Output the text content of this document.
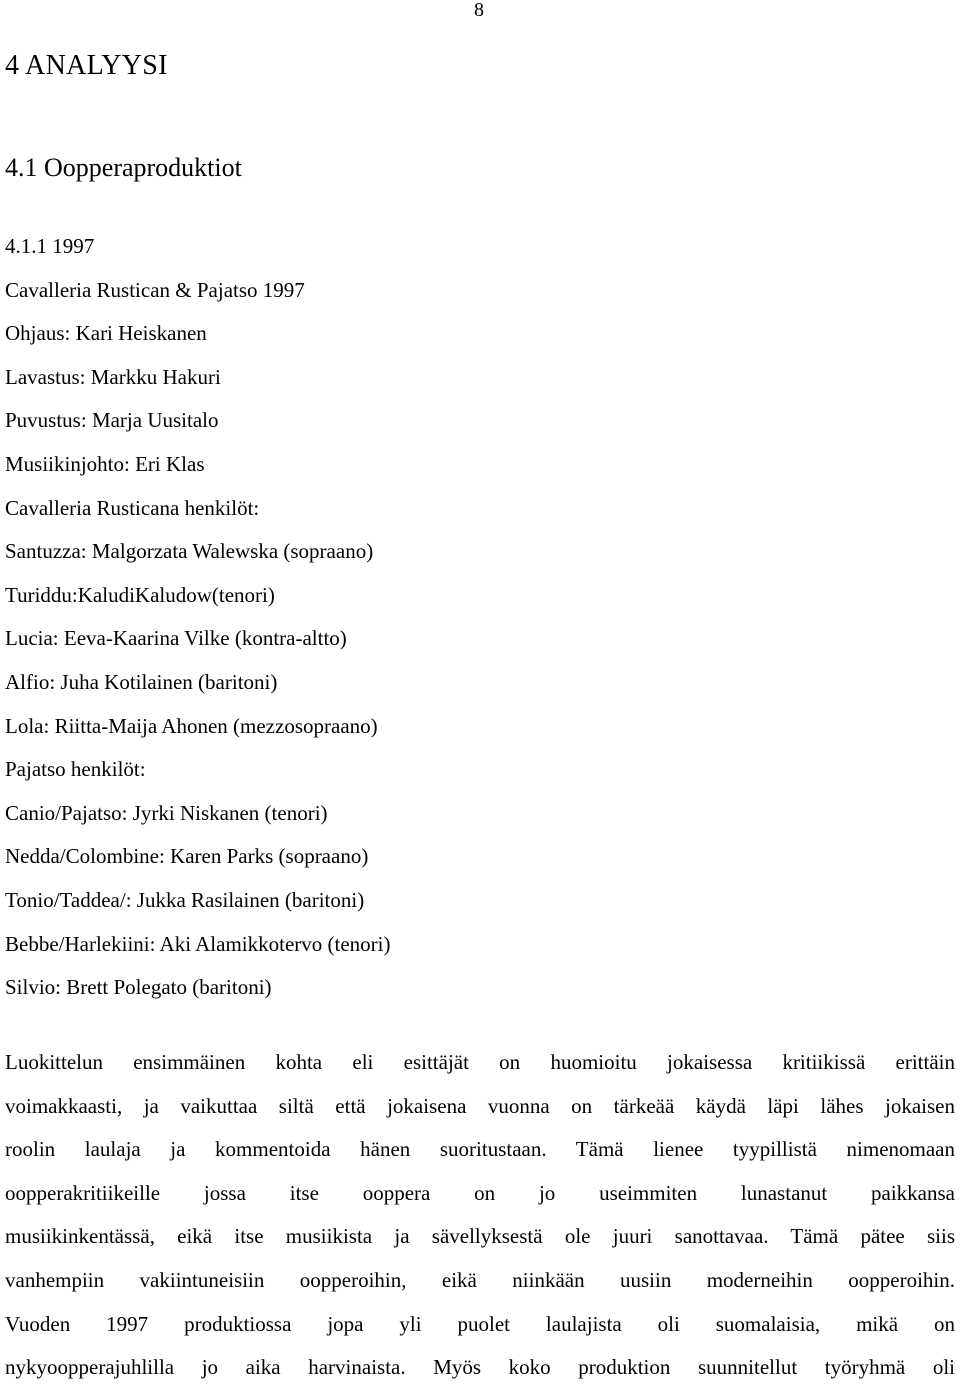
8
4 ANALYYSI
4.1 Oopperaproduktiot
4.1.1 1997
Cavalleria Rustican & Pajatso 1997
Ohjaus: Kari Heiskanen
Lavastus: Markku Hakuri
Puvustus: Marja Uusitalo
Musiikinjohto: Eri Klas
Cavalleria Rusticana henkilöt:
Santuzza: Malgorzata Walewska (sopraano)
Turiddu:KaludiKaludow(tenori)
Lucia: Eeva-Kaarina Vilke (kontra-altto)
Alfio: Juha Kotilainen (baritoni)
Lola: Riitta-Maija Ahonen (mezzosopraano)
Pajatso henkilöt:
Canio/Pajatso: Jyrki Niskanen (tenori)
Nedda/Colombine: Karen Parks (sopraano)
Tonio/Taddea/: Jukka Rasilainen (baritoni)
Bebbe/Harlekiini: Aki Alamikkotervo (tenori)
Silvio: Brett Polegato (baritoni)

Luokittelun ensimmäinen kohta eli esittäjät on huomioitu jokaisessa kritiikissä erittäin
voimakkaasti, ja vaikuttaa siltä että jokaisena vuonna on tärkeää käydä läpi lähes jokaisen
roolin laulaja ja kommentoida hänen suoritustaan. Tämä lienee tyypillistä nimenomaan
oopperakritiikeille jossa itse ooppera on jo useimmiten lunastanut paikkansa
musiikinkentässä, eikä itse musiikista ja sävellyksestä ole juuri sanottavaa. Tämä pätee siis
vanhempiin vakiintuneisiin oopperoihin, eikä niinkään uusiin moderneihin oopperoihin.
Vuoden 1997 produktiossa jopa yli puolet laulajista oli suomalaisia, mikä on
nykyoopperajuhlilla jo aika harvinaista. Myös koko produktion suunnitellut työryhmä oli
